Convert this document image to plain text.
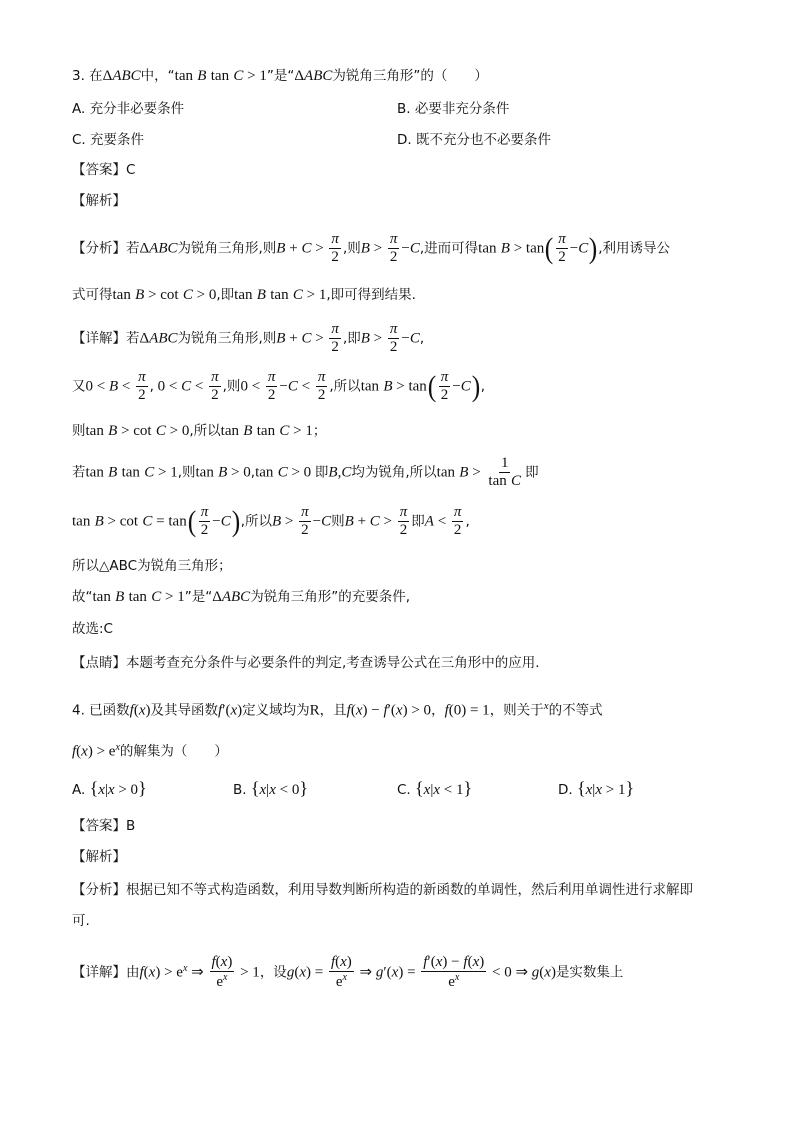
3. 在ΔABC中，“tan B tan C > 1”是“ΔABC为锐角三角形”的（　　）
A. 充分非必要条件	B. 必要非充分条件
C. 充要条件	D. 既不充分也不必要条件
【答案】C
【解析】
【分析】若ΔABC为锐角三角形,则$B + C > \frac{\pi}{2}$ ,则$B > \frac{\pi}{2} -C$,进而可得$\tan B > \tan( \frac{\pi}{2} -C)$,利用诱导公
式可得tan B > cot C > 0,即tan B tan C > 1,即可得到结果.
【详解】若ΔABC为锐角三角形,则$B + C > \frac{\pi}{2}$ ,即$B > \frac{\pi}{2} -C$,
又$0 < B < \frac{\pi}{2}$ , $0 < C < \frac{\pi}{2}$ ,则$0 < \frac{\pi}{2} -C < \frac{\pi}{2}$ ,所以$\tan B > \tan( \frac{\pi}{2} -C)$,
则tan B > cot C > 0,所以tan B tan C > 1；
若tan B tan C > 1,则tan B > 0,tan C > 0 即B,C均为锐角,所以$\tan B > \frac{1}{\text{tan C}}$ 即
$\tan B > \cot C = \tan( \frac{\pi}{2} -C)$,所以$B > \frac{\pi}{2} -C$则$B + C > \frac{\pi}{2}$ 即$A < \frac{\pi}{2}$ ,
所以△ABC为锐角三角形；
故“tan B tan C > 1”是“ΔABC为锐角三角形”的充要条件,
故选:C
【点睛】本题考查充分条件与必要条件的判定,考查诱导公式在三角形中的应用.
4. 已函数f(x)及其导函数f′(x)定义域均为R，且f(x) − f′(x) > 0，f(0) = 1，则关于$^x$的不等式
$f(x) > e^x$的解集为（　　）
A. {x|x > 0}	B. {x|x < 0}	C. {x|x < 1}	D. {x|x > 1}
【答案】B
【解析】
【分析】根据已知不等式构造函数，利用导数判断所构造的新函数的单调性，然后利用单调性进行求解即
可.
【详解】由$f(x) > e^x$ ⇒ $\frac{f(x)}{e^x} > 1$，设$g(x) = \frac{f(x)}{e^x}$ ⇒ $g'(x) = \frac{f'(x) - f(x)}{e^x} < 0$ ⇒ g(x)是实数集上
